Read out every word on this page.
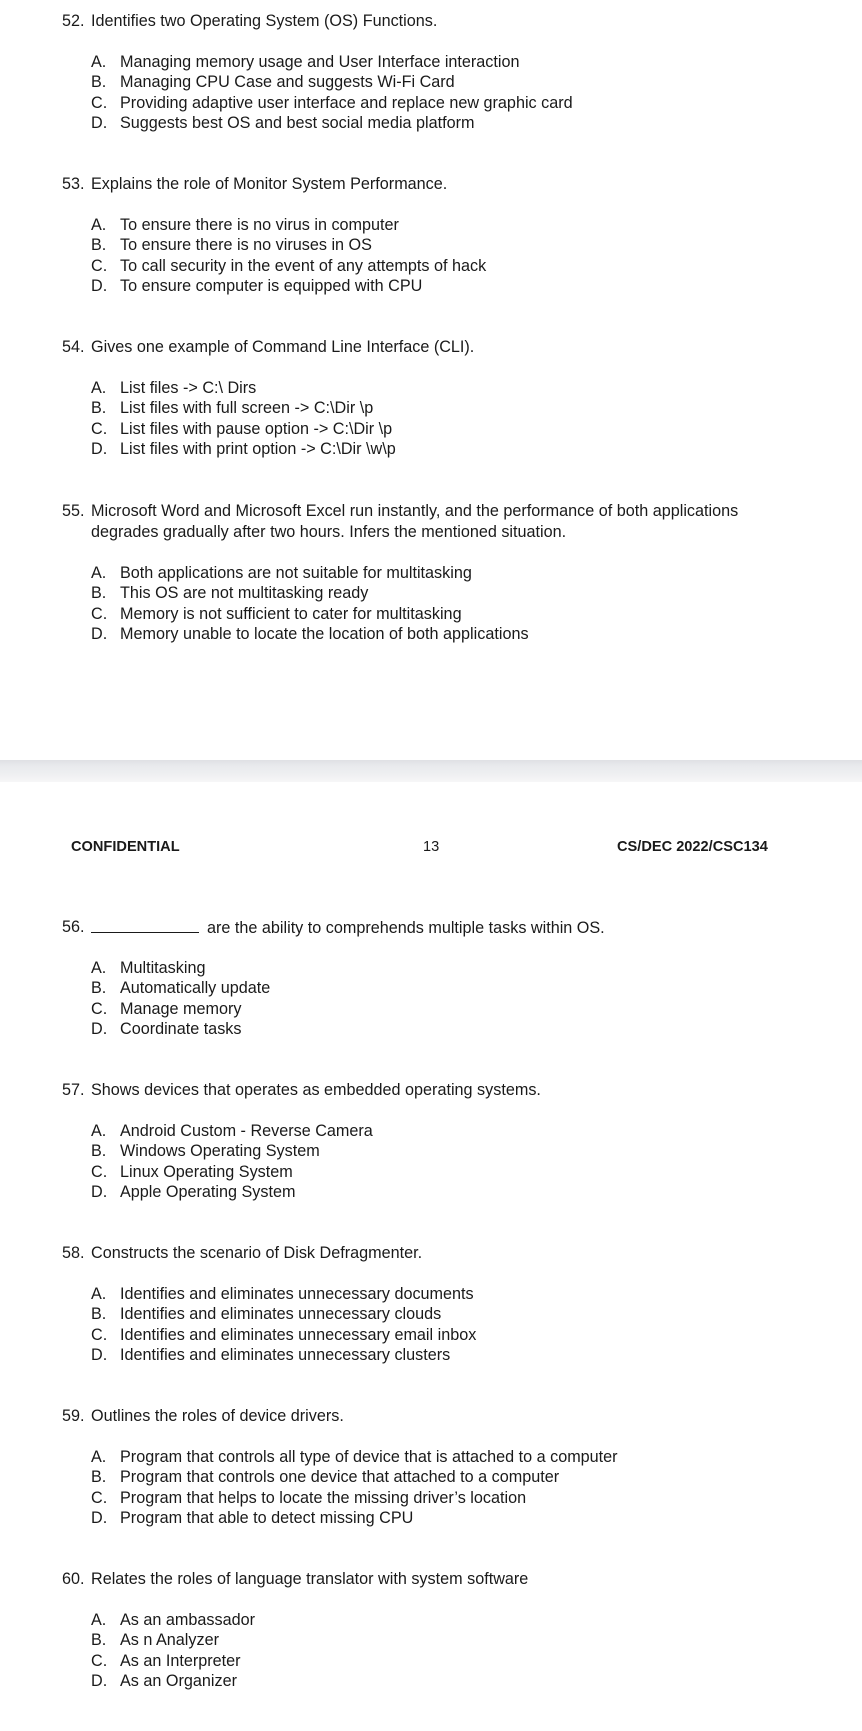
52. Identifies two Operating System (OS) Functions.
A. Managing memory usage and User Interface interaction
B. Managing CPU Case and suggests Wi-Fi Card
C. Providing adaptive user interface and replace new graphic card
D. Suggests best OS and best social media platform
53. Explains the role of Monitor System Performance.
A. To ensure there is no virus in computer
B. To ensure there is no viruses in OS
C. To call security in the event of any attempts of hack
D. To ensure computer is equipped with CPU
54. Gives one example of Command Line Interface (CLI).
A. List files -> C:\ Dirs
B. List files with full screen -> C:\Dir \p
C. List files with pause option -> C:\Dir \p
D. List files with print option -> C:\Dir \w\p
55. Microsoft Word and Microsoft Excel run instantly, and the performance of both applications
degrades gradually after two hours. Infers the mentioned situation.
A. Both applications are not suitable for multitasking
B. This OS are not multitasking ready
C. Memory is not sufficient to cater for multitasking
D. Memory unable to locate the location of both applications
CONFIDENTIAL	13	CS/DEC 2022/CSC134
56.	are the ability to comprehends multiple tasks within OS.
A. Multitasking
B. Automatically update
C. Manage memory
D. Coordinate tasks
57. Shows devices that operates as embedded operating systems.
A. Android Custom - Reverse Camera
B. Windows Operating System
C. Linux Operating System
D. Apple Operating System
58. Constructs the scenario of Disk Defragmenter.
A. Identifies and eliminates unnecessary documents
B. Identifies and eliminates unnecessary clouds
C. Identifies and eliminates unnecessary email inbox
D. Identifies and eliminates unnecessary clusters
59. Outlines the roles of device drivers.
A. Program that controls all type of device that is attached to a computer
B. Program that controls one device that attached to a computer
C. Program that helps to locate the missing driver’s location
D. Program that able to detect missing CPU
60. Relates the roles of language translator with system software
A. As an ambassador
B. As n Analyzer
C. As an Interpreter
D. As an Organizer
